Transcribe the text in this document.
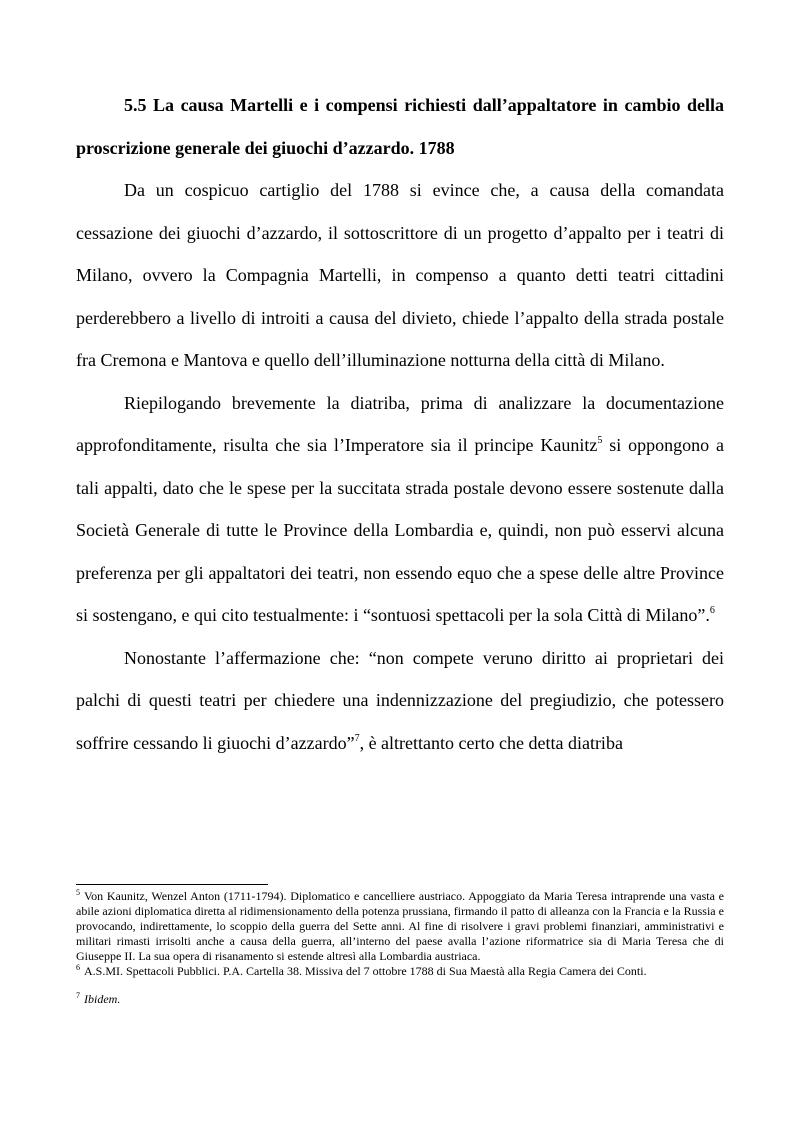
5.5 La causa Martelli e i compensi richiesti dall’appaltatore in cambio della proscrizione generale dei giuochi d’azzardo. 1788

Da un cospicuo cartiglio del 1788 si evince che, a causa della comandata cessazione dei giuochi d’azzardo, il sottoscrittore di un progetto d’appalto per i teatri di Milano, ovvero la Compagnia Martelli, in compenso a quanto detti teatri cittadini perderebbero a livello di introiti a causa del divieto, chiede l’appalto della strada postale fra Cremona e Mantova e quello dell’illuminazione notturna della città di Milano.

Riepilogando brevemente la diatriba, prima di analizzare la documentazione approfonditamente, risulta che sia l’Imperatore sia il principe Kaunitz$^5$ si oppongono a tali appalti, dato che le spese per la succitata strada postale devono essere sostenute dalla Società Generale di tutte le Province della Lombardia e, quindi, non può esservi alcuna preferenza per gli appaltatori dei teatri, non essendo equo che a spese delle altre Province si sostengano, e qui cito testualmente: i “sontuosi spettacoli per la sola Città di Milano”.$^6$

Nonostante l’affermazione che: “non compete veruno diritto ai proprietari dei palchi di questi teatri per chiedere una indennizzazione del pregiudizio, che potessero soffrire cessando li giuochi d’azzardo”$^7$, è altrettanto certo che detta diatriba

$^5$ Von Kaunitz, Wenzel Anton (1711-1794). Diplomatico e cancelliere austriaco. Appoggiato da Maria Teresa intraprende una vasta e abile azioni diplomatica diretta al ridimensionamento della potenza prussiana, firmando il patto di alleanza con la Francia e la Russia e provocando, indirettamente, lo scoppio della guerra del Sette anni. Al fine di risolvere i gravi problemi finanziari, amministrativi e militari rimasti irrisolti anche a causa della guerra, all’interno del paese avalla l’azione riformatrice sia di Maria Teresa che di Giuseppe II. La sua opera di risanamento si estende altresì alla Lombardia austriaca.

$^6$ A.S.MI. Spettacoli Pubblici. P.A. Cartella 38. Missiva del 7 ottobre 1788 di Sua Maestà alla Regia Camera dei Conti.

$^7$ Ibidem.
